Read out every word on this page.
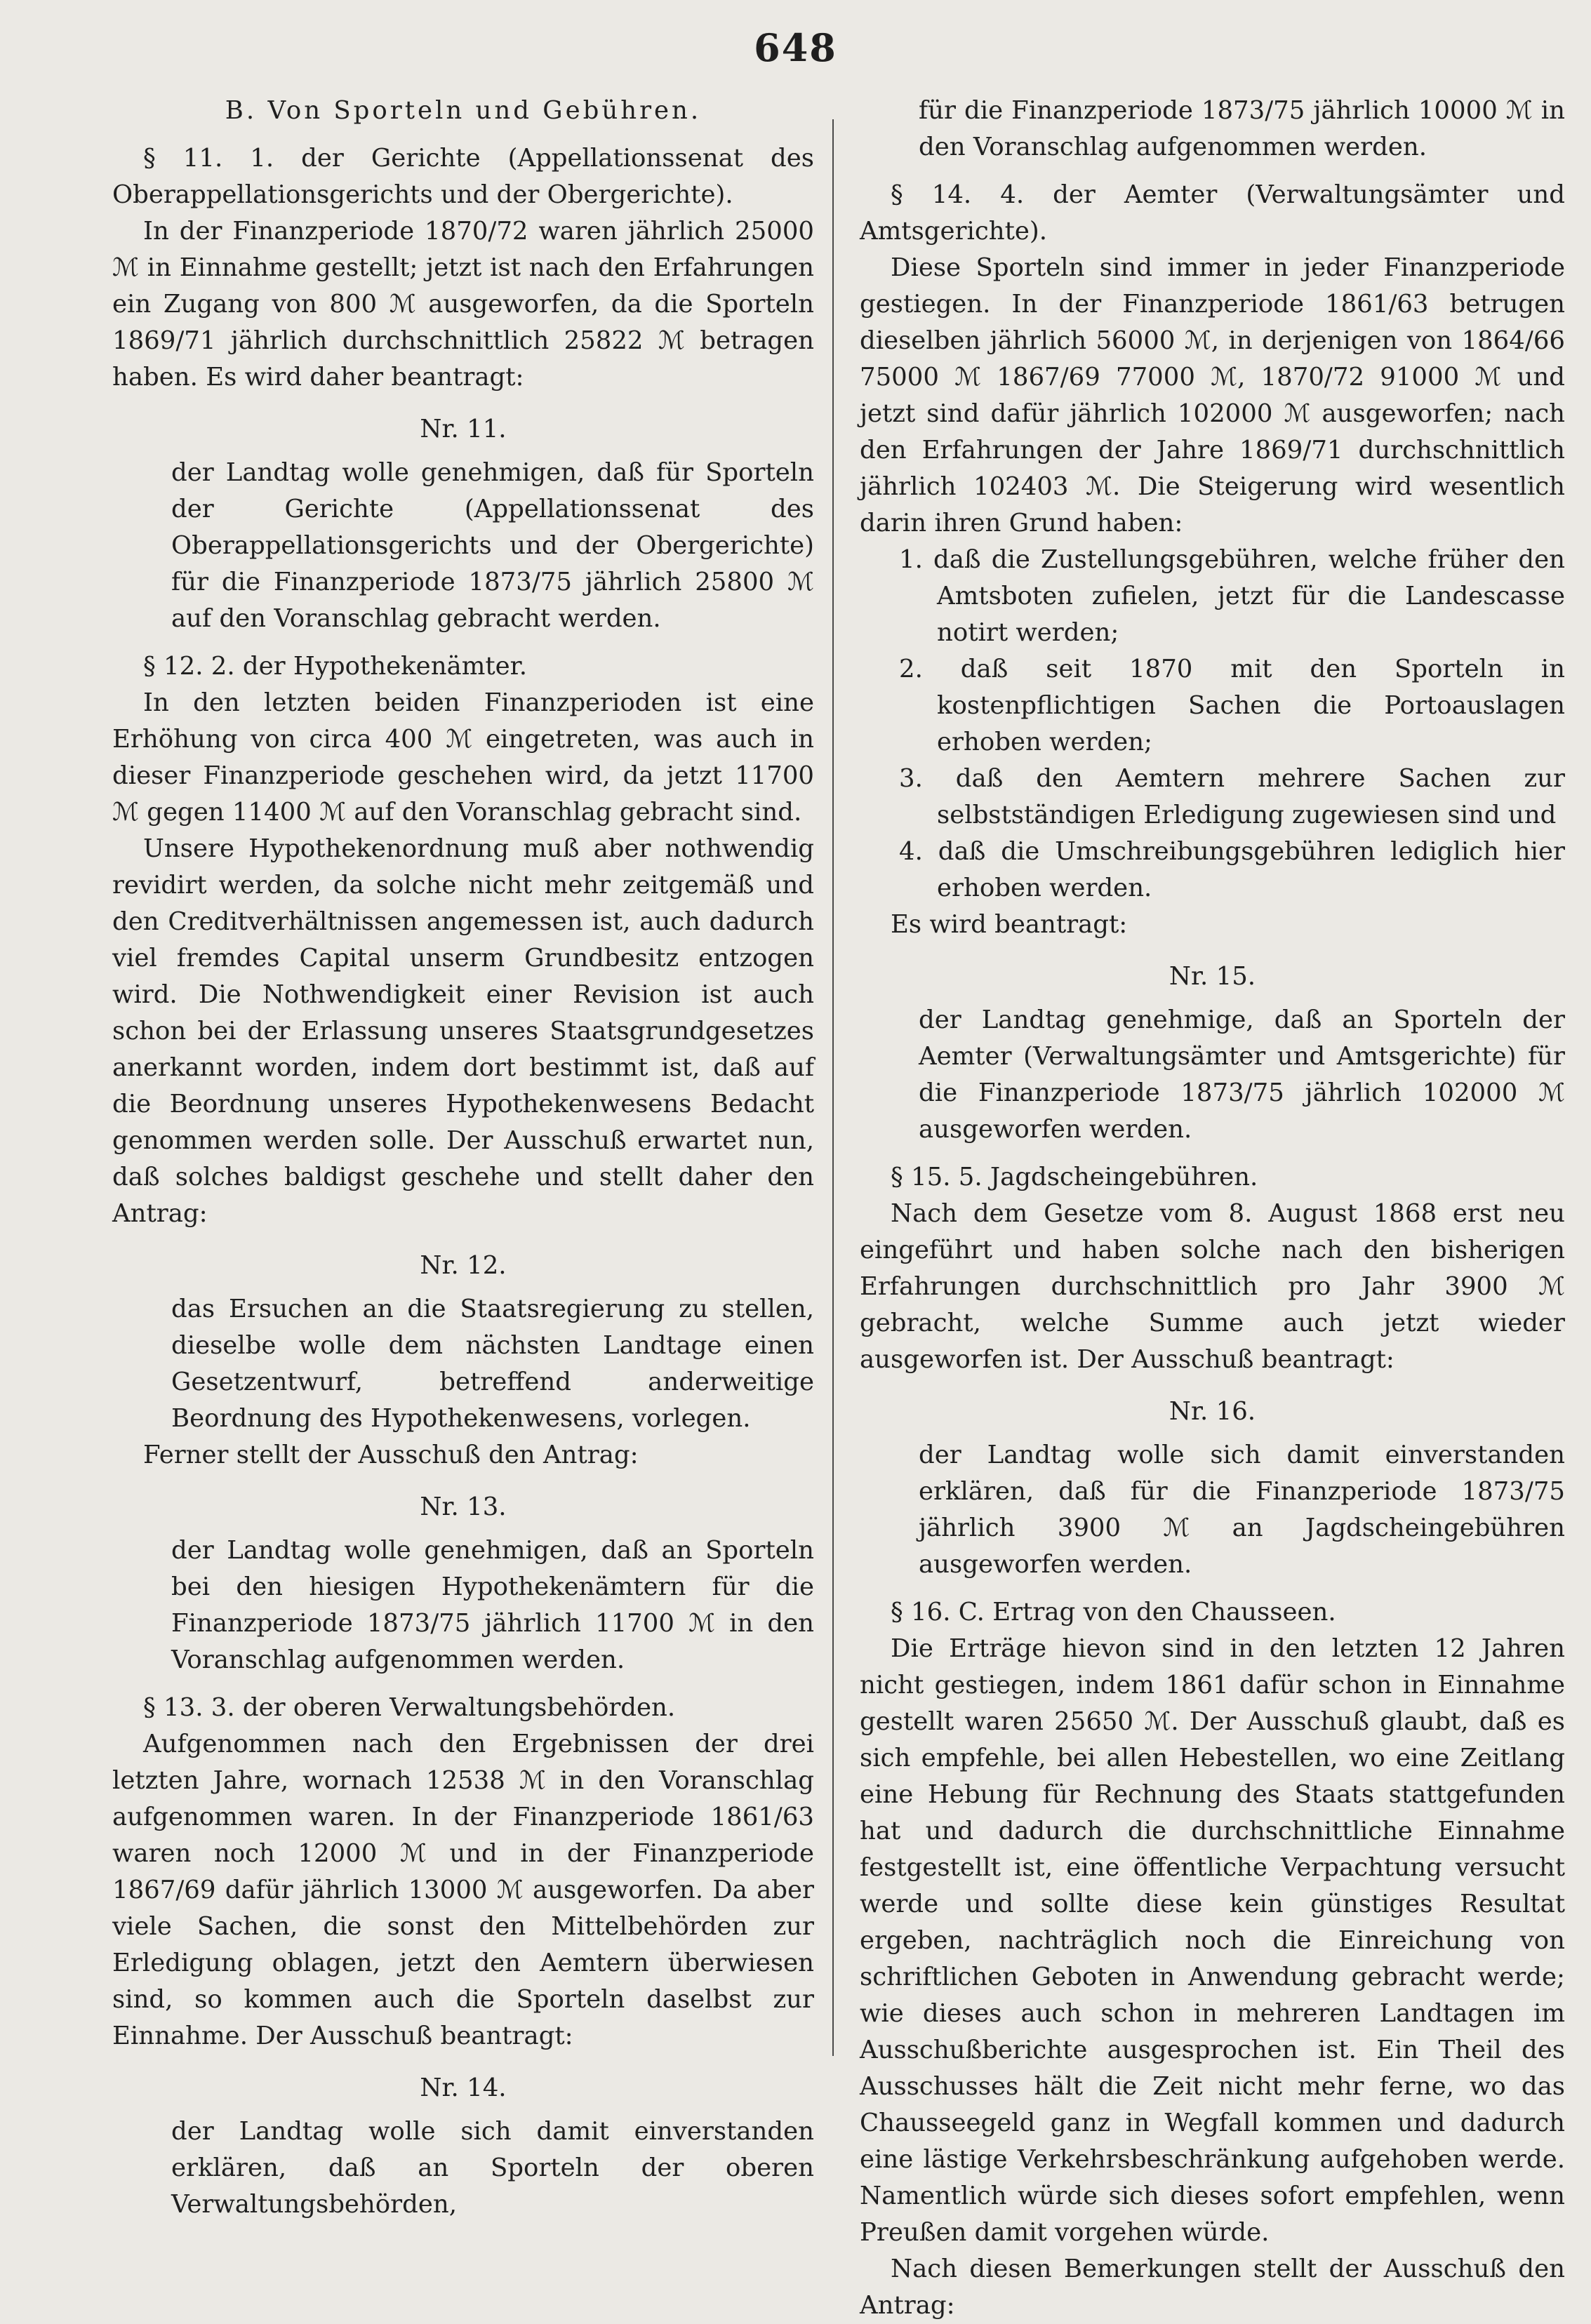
648

B. Von Sporteln und Gebühren.

§ 11. 1. der Gerichte (Appellationssenat des Oberappellationsgerichts und der Obergerichte).

In der Finanzperiode 1870/72 waren jährlich 25000 ℳ in Einnahme gestellt; jetzt ist nach den Erfahrungen ein Zugang von 800 ℳ ausgeworfen, da die Sporteln 1869/71 jährlich durchschnittlich 25822 ℳ betragen haben. Es wird daher beantragt:

Nr. 11.

der Landtag wolle genehmigen, daß für Sporteln der Gerichte (Appellationssenat des Oberappellationsgerichts und der Obergerichte) für die Finanzperiode 1873/75 jährlich 25800 ℳ auf den Voranschlag gebracht werden.

§ 12. 2. der Hypothekenämter.

In den letzten beiden Finanzperioden ist eine Erhöhung von circa 400 ℳ eingetreten, was auch in dieser Finanzperiode geschehen wird, da jetzt 11700 ℳ gegen 11400 ℳ auf den Voranschlag gebracht sind.

Unsere Hypothekenordnung muß aber nothwendig revidirt werden, da solche nicht mehr zeitgemäß und den Creditverhältnissen angemessen ist, auch dadurch viel fremdes Capital unserm Grundbesitz entzogen wird. Die Nothwendigkeit einer Revision ist auch schon bei der Erlassung unseres Staatsgrundgesetzes anerkannt worden, indem dort bestimmt ist, daß auf die Beordnung unseres Hypothekenwesens Bedacht genommen werden solle. Der Ausschuß erwartet nun, daß solches baldigst geschehe und stellt daher den Antrag:

Nr. 12.

das Ersuchen an die Staatsregierung zu stellen, dieselbe wolle dem nächsten Landtage einen Gesetzentwurf, betreffend anderweitige Beordnung des Hypothekenwesens, vorlegen.

Ferner stellt der Ausschuß den Antrag:

Nr. 13.

der Landtag wolle genehmigen, daß an Sporteln bei den hiesigen Hypothekenämtern für die Finanzperiode 1873/75 jährlich 11700 ℳ in den Voranschlag aufgenommen werden.

§ 13. 3. der oberen Verwaltungsbehörden.

Aufgenommen nach den Ergebnissen der drei letzten Jahre, wornach 12538 ℳ in den Voranschlag aufgenommen waren. In der Finanzperiode 1861/63 waren noch 12000 ℳ und in der Finanzperiode 1867/69 dafür jährlich 13000 ℳ ausgeworfen. Da aber viele Sachen, die sonst den Mittelbehörden zur Erledigung oblagen, jetzt den Aemtern überwiesen sind, so kommen auch die Sporteln daselbst zur Einnahme. Der Ausschuß beantragt:

Nr. 14.

der Landtag wolle sich damit einverstanden erklären, daß an Sporteln der oberen Verwaltungsbehörden,

für die Finanzperiode 1873/75 jährlich 10000 ℳ in den Voranschlag aufgenommen werden.

§ 14. 4. der Aemter (Verwaltungsämter und Amtsgerichte).

Diese Sporteln sind immer in jeder Finanzperiode gestiegen. In der Finanzperiode 1861/63 betrugen dieselben jährlich 56000 ℳ, in derjenigen von 1864/66 75000 ℳ 1867/69 77000 ℳ, 1870/72 91000 ℳ und jetzt sind dafür jährlich 102000 ℳ ausgeworfen; nach den Erfahrungen der Jahre 1869/71 durchschnittlich jährlich 102403 ℳ. Die Steigerung wird wesentlich darin ihren Grund haben:

1. daß die Zustellungsgebühren, welche früher den Amtsboten zufielen, jetzt für die Landescasse notirt werden;

2. daß seit 1870 mit den Sporteln in kostenpflichtigen Sachen die Portoauslagen erhoben werden;

3. daß den Aemtern mehrere Sachen zur selbstständigen Erledigung zugewiesen sind und

4. daß die Umschreibungsgebühren lediglich hier erhoben werden.

Es wird beantragt:

Nr. 15.

der Landtag genehmige, daß an Sporteln der Aemter (Verwaltungsämter und Amtsgerichte) für die Finanzperiode 1873/75 jährlich 102000 ℳ ausgeworfen werden.

§ 15. 5. Jagdscheingebühren.

Nach dem Gesetze vom 8. August 1868 erst neu eingeführt und haben solche nach den bisherigen Erfahrungen durchschnittlich pro Jahr 3900 ℳ gebracht, welche Summe auch jetzt wieder ausgeworfen ist. Der Ausschuß beantragt:

Nr. 16.

der Landtag wolle sich damit einverstanden erklären, daß für die Finanzperiode 1873/75 jährlich 3900 ℳ an Jagdscheingebühren ausgeworfen werden.

§ 16. C. Ertrag von den Chausseen.

Die Erträge hievon sind in den letzten 12 Jahren nicht gestiegen, indem 1861 dafür schon in Einnahme gestellt waren 25650 ℳ. Der Ausschuß glaubt, daß es sich empfehle, bei allen Hebestellen, wo eine Zeitlang eine Hebung für Rechnung des Staats stattgefunden hat und dadurch die durchschnittliche Einnahme festgestellt ist, eine öffentliche Verpachtung versucht werde und sollte diese kein günstiges Resultat ergeben, nachträglich noch die Einreichung von schriftlichen Geboten in Anwendung gebracht werde; wie dieses auch schon in mehreren Landtagen im Ausschußberichte ausgesprochen ist. Ein Theil des Ausschusses hält die Zeit nicht mehr ferne, wo das Chausseegeld ganz in Wegfall kommen und dadurch eine lästige Verkehrsbeschränkung aufgehoben werde. Namentlich würde sich dieses sofort empfehlen, wenn Preußen damit vorgehen würde.

Nach diesen Bemerkungen stellt der Ausschuß den Antrag:
